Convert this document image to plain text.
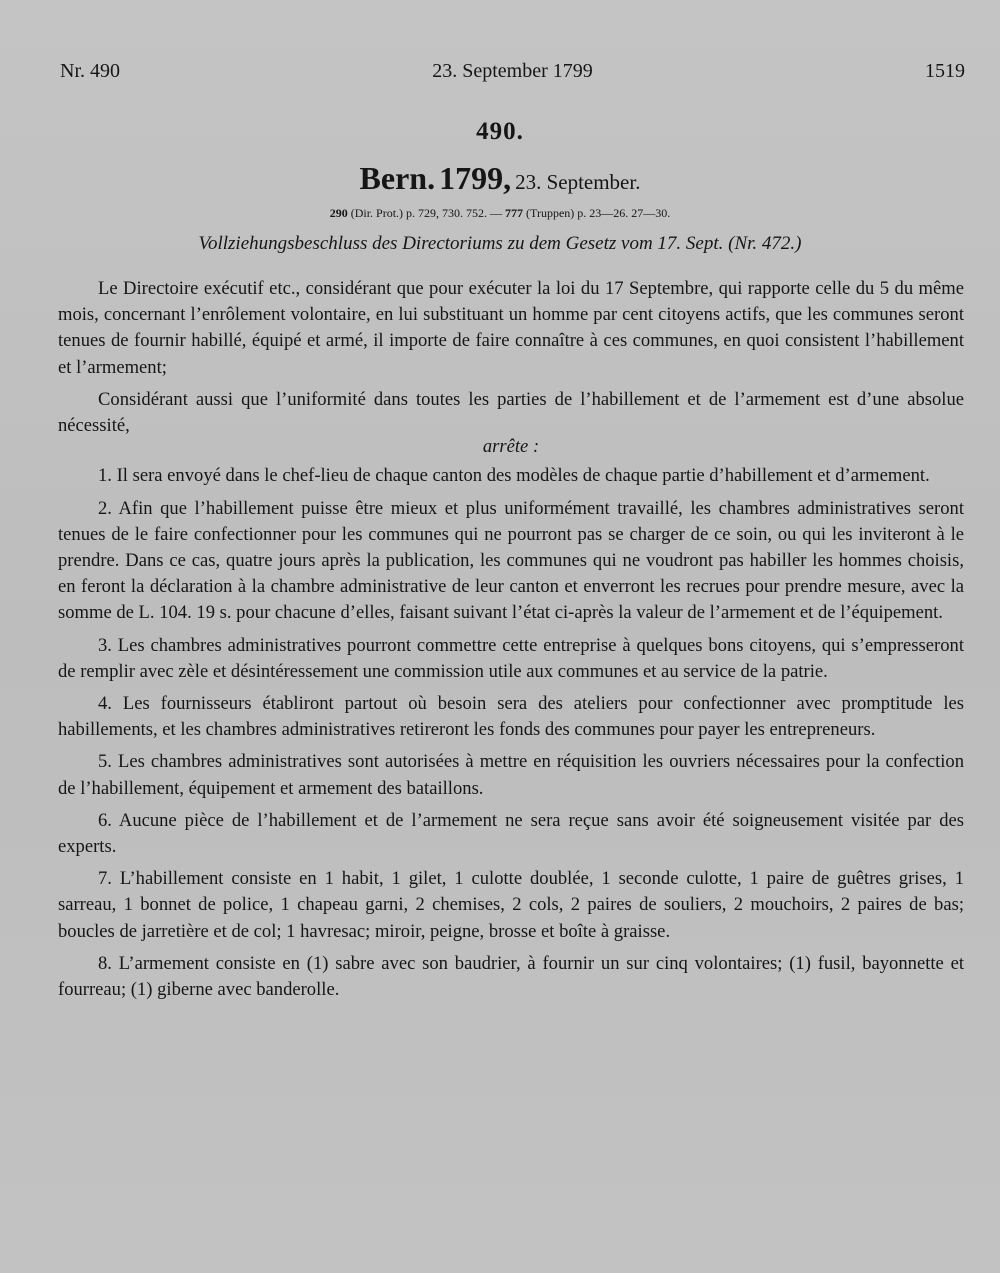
Nr. 490	23. September 1799	1519
490.
Bern. 1799, 23. September.
290 (Dir. Prot.) p. 729, 730. 752. — 777 (Truppen) p. 23—26. 27—30.
Vollziehungsbeschluss des Directoriums zu dem Gesetz vom 17. Sept. (Nr. 472.)

Le Directoire exécutif etc., considérant que pour exécuter la loi du 17 Septembre, qui rapporte celle du 5 du même mois, concernant l’enrôlement volontaire, en lui substituant un homme par cent citoyens actifs, que les communes seront tenues de fournir habillé, équipé et armé, il importe de faire connaître à ces communes, en quoi consistent l’habillement et l’armement;

Considérant aussi que l’uniformité dans toutes les parties de l’habillement et de l’armement est d’une absolue nécessité,

arrête :

1. Il sera envoyé dans le chef-lieu de chaque canton des modèles de chaque partie d’habillement et d’armement.

2. Afin que l’habillement puisse être mieux et plus uniformément travaillé, les chambres administratives seront tenues de le faire confectionner pour les communes qui ne pourront pas se charger de ce soin, ou qui les inviteront à le prendre. Dans ce cas, quatre jours après la publication, les communes qui ne voudront pas habiller les hommes choisis, en feront la déclaration à la chambre administrative de leur canton et enverront les recrues pour prendre mesure, avec la somme de L. 104. 19 s. pour chacune d’elles, faisant suivant l’état ci-après la valeur de l’armement et de l’équipement.

3. Les chambres administratives pourront commettre cette entreprise à quelques bons citoyens, qui s’empresseront de remplir avec zèle et désintéressement une commission utile aux communes et au service de la patrie.

4. Les fournisseurs établiront partout où besoin sera des ateliers pour confectionner avec promptitude les habillements, et les chambres administratives retireront les fonds des communes pour payer les entrepreneurs.

5. Les chambres administratives sont autorisées à mettre en réquisition les ouvriers nécessaires pour la confection de l’habillement, équipement et armement des bataillons.

6. Aucune pièce de l’habillement et de l’armement ne sera reçue sans avoir été soigneusement visitée par des experts.

7. L’habillement consiste en 1 habit, 1 gilet, 1 culotte doublée, 1 seconde culotte, 1 paire de guêtres grises, 1 sarreau, 1 bonnet de police, 1 chapeau garni, 2 chemises, 2 cols, 2 paires de souliers, 2 mouchoirs, 2 paires de bas; boucles de jarretière et de col; 1 havresac; miroir, peigne, brosse et boîte à graisse.

8. L’armement consiste en (1) sabre avec son baudrier, à fournir un sur cinq volontaires; (1) fusil, bayonnette et fourreau; (1) giberne avec banderolle.
